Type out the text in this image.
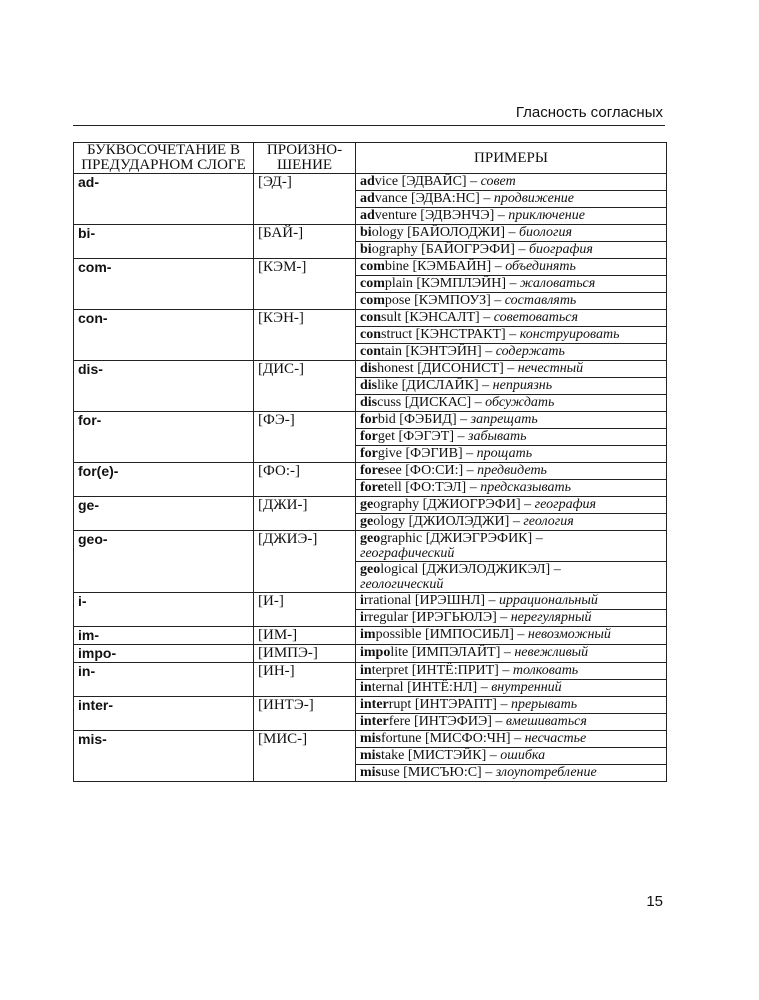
Гласность согласных
БУКВОСОЧЕТАНИЕ В ПРЕДУДАРНОМ СЛОГЕ	ПРОИЗНО-ШЕНИЕ	ПРИМЕРЫ
ad-	[ЭД-]	advice [ЭДВАЙС] – совет
		advance [ЭДВА:НС] – продвижение
		adventure [ЭДВЭНЧЭ] – приключение
bi-	[БАЙ-]	biology [БАЙОЛОДЖИ] – биология
		biography [БАЙОГРЭФИ] – биография
com-	[КЭМ-]	combine [КЭМБАЙН] – объединять
		complain [КЭМПЛЭЙН] – жаловаться
		compose [КЭМПОУЗ] – составлять
con-	[КЭН-]	consult [КЭНСАЛТ] – советоваться
		construct [КЭНСТРАКТ] – конструировать
		contain [КЭНТЭЙН] – содержать
dis-	[ДИС-]	dishonest [ДИСОНИСТ] – нечестный
		dislike [ДИСЛАЙК] – неприязнь
		discuss [ДИСКАС] – обсуждать
for-	[ФЭ-]	forbid [ФЭБИД] – запрещать
		forget [ФЭГЭТ] – забывать
		forgive [ФЭГИВ] – прощать
for(e)-	[ФО:-]	foresee [ФО:СИ:] – предвидеть
		foretell [ФО:ТЭЛ] – предсказывать
ge-	[ДЖИ-]	geography [ДЖИОГРЭФИ] – география
		geology [ДЖИОЛЭДЖИ] – геология
geo-	[ДЖИЭ-]	geographic [ДЖИЭГРЭФИК] –
географический
		geological [ДЖИЭЛОДЖИКЭЛ] –
геологический
i-	[И-]	irrational [ИРЭШНЛ] – иррациональный
		irregular [ИРЭГЬЮЛЭ] – нерегулярный
im-	[ИМ-]	impossible [ИМПОСИБЛ] – невозможный
impo-	[ИМПЭ-]	impolite [ИМПЭЛАЙТ] – невежливый
in-	[ИН-]	interpret [ИНТЁ:ПРИТ] – толковать
		internal [ИНТЁ:НЛ] – внутренний
inter-	[ИНТЭ-]	interrupt [ИНТЭРАПТ] – прерывать
		interfere [ИНТЭФИЭ] – вмешиваться
mis-	[МИС-]	misfortune [МИСФО:ЧН] – несчастье
		mistake [МИСТЭЙК] – ошибка
		misuse [МИСЪЮ:С] – злоупотребление
15
